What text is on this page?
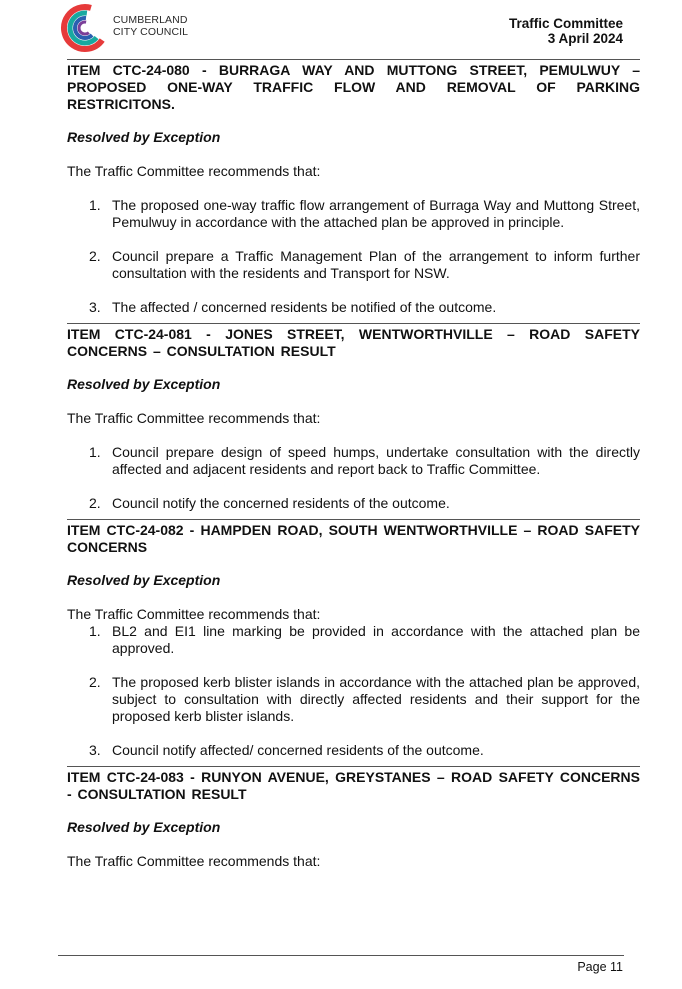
CUMBERLAND
CITY COUNCIL
Traffic Committee
3 April 2024

ITEM CTC-24-080 - BURRAGA WAY AND MUTTONG STREET, PEMULWUY – PROPOSED ONE-WAY TRAFFIC FLOW AND REMOVAL OF PARKING RESTRICITONS.

Resolved by Exception

The Traffic Committee recommends that:

1. The proposed one-way traffic flow arrangement of Burraga Way and Muttong Street, Pemulwuy in accordance with the attached plan be approved in principle.
2. Council prepare a Traffic Management Plan of the arrangement to inform further consultation with the residents and Transport for NSW.
3. The affected / concerned residents be notified of the outcome.

ITEM CTC-24-081 - JONES STREET, WENTWORTHVILLE – ROAD SAFETY CONCERNS – CONSULTATION RESULT

Resolved by Exception

The Traffic Committee recommends that:

1. Council prepare design of speed humps, undertake consultation with the directly affected and adjacent residents and report back to Traffic Committee.
2. Council notify the concerned residents of the outcome.

ITEM CTC-24-082 - HAMPDEN ROAD, SOUTH WENTWORTHVILLE – ROAD SAFETY CONCERNS

Resolved by Exception

The Traffic Committee recommends that:

1. BL2 and EI1 line marking be provided in accordance with the attached plan be approved.
2. The proposed kerb blister islands in accordance with the attached plan be approved, subject to consultation with directly affected residents and their support for the proposed kerb blister islands.
3. Council notify affected/ concerned residents of the outcome.

ITEM CTC-24-083 - RUNYON AVENUE, GREYSTANES – ROAD SAFETY CONCERNS - CONSULTATION RESULT

Resolved by Exception

The Traffic Committee recommends that:

Page 11
